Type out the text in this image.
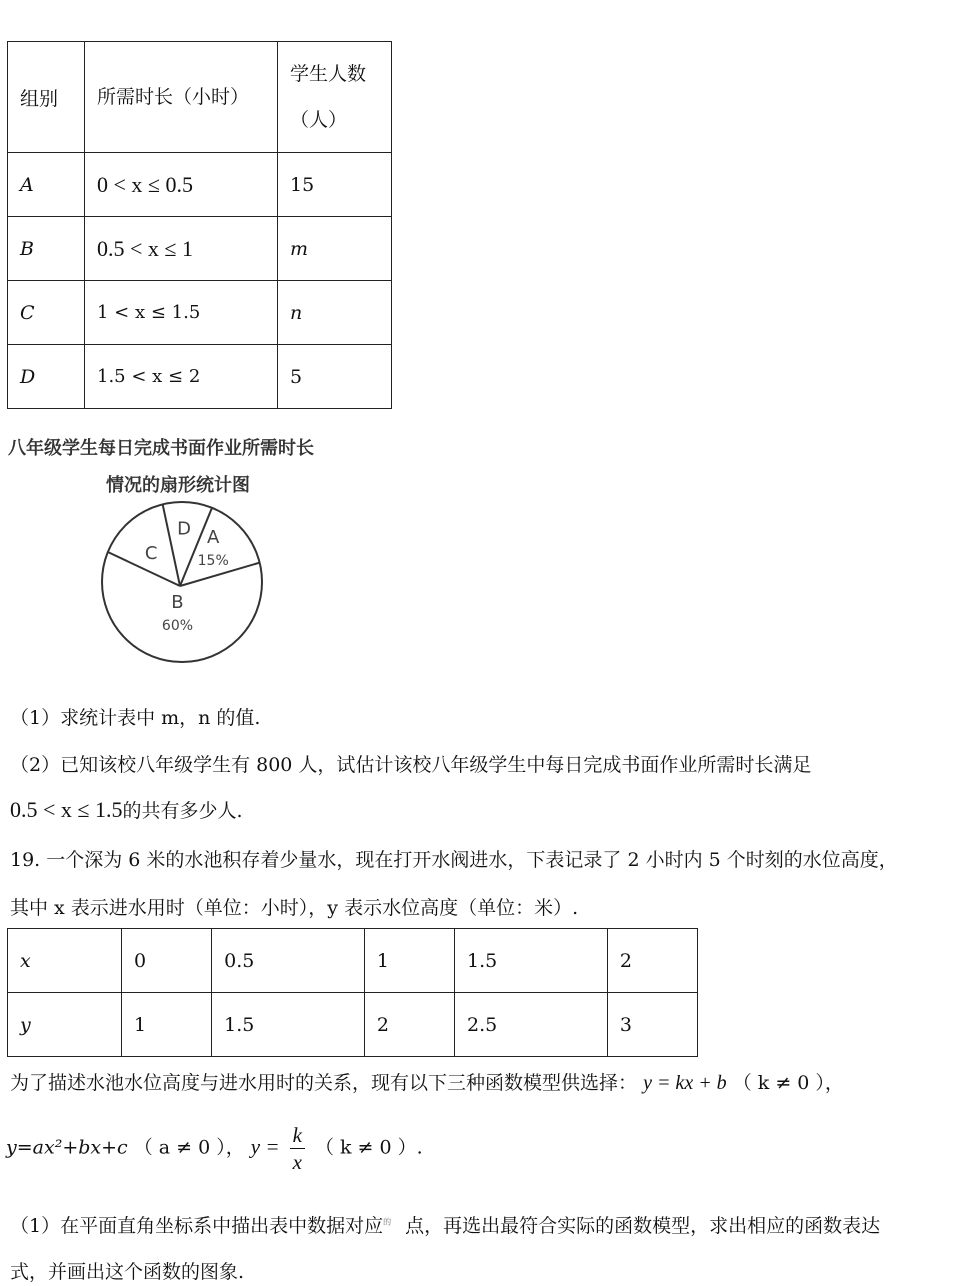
组别	所需时长（小时）	学生人数（人）
A	0 < x ≤ 0.5	15
B	0.5 < x ≤ 1	m
C	1 < x ≤ 1.5	n
D	1.5 < x ≤ 2	5
八年级学生每日完成书面作业所需时长
情况的扇形统计图
B
60%
C
D A
15%
（1）求统计表中 m，n 的值.
（2）已知该校八年级学生有 800 人，试估计该校八年级学生中每日完成书面作业所需时长满足
0.5 < x ≤ 1.5的共有多少人.
19. 一个深为 6 米的水池积存着少量水，现在打开水阀进水，下表记录了 2 小时内 5 个时刻的水位高度，
其中 x 表示进水用时（单位：小时），y 表示水位高度（单位：米）.
x	0	0.5	1	1.5	2
y	1	1.5	2	2.5	3
为了描述水池水位高度与进水用时的关系，现有以下三种函数模型供选择： y = kx + b （ k ≠ 0 ），
y=ax²+bx+c （ a ≠ 0 ）， $y = \frac{k}{x}$ （ k ≠ 0 ）.
（1）在平面直角坐标系中描出表中数据对应$^的$ 点，再选出最符合实际的函数模型，求出相应的函数表达
式，并画出这个函数的图象.
